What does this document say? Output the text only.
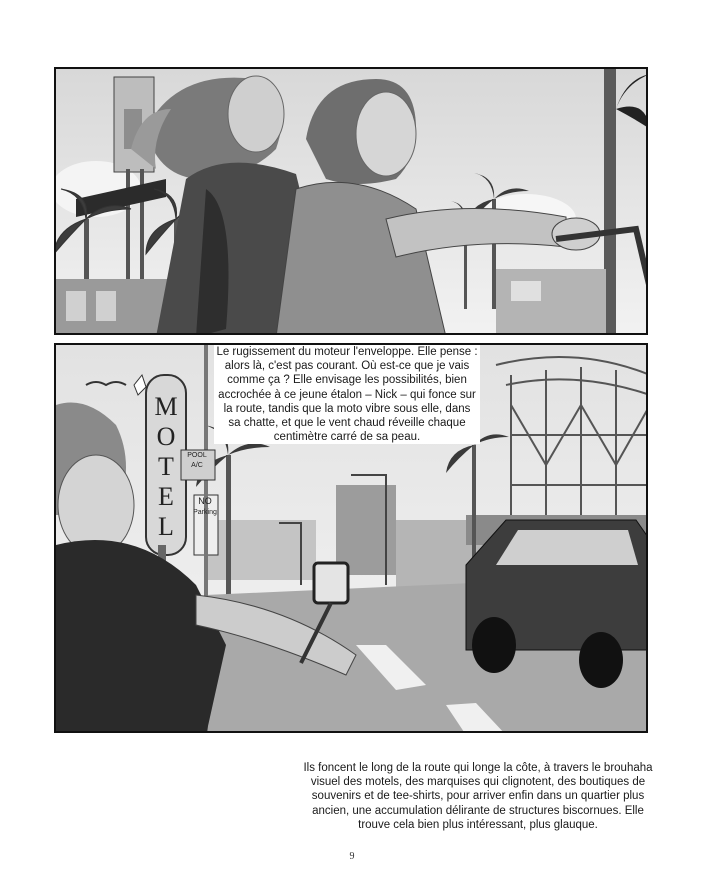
M
O
T
E
L
NO
Parking
POOL
A/C
Le rugissement du moteur l'enveloppe. Elle pense : alors là, c'est pas courant. Où est-ce que je vais comme ça ? Elle envisage les possibilités, bien accrochée à ce jeune étalon – Nick – qui fonce sur la route, tandis que la moto vibre sous elle, dans sa chatte, et que le vent chaud réveille chaque centimètre carré de sa peau.
Ils foncent le long de la route qui longe la côte, à travers le brouhaha visuel des motels, des marquises qui clignotent, des boutiques de souvenirs et de tee-shirts, pour arriver enfin dans un quartier plus ancien, une accumulation délirante de structures biscornues. Elle trouve cela bien plus intéressant, plus glauque.
9
